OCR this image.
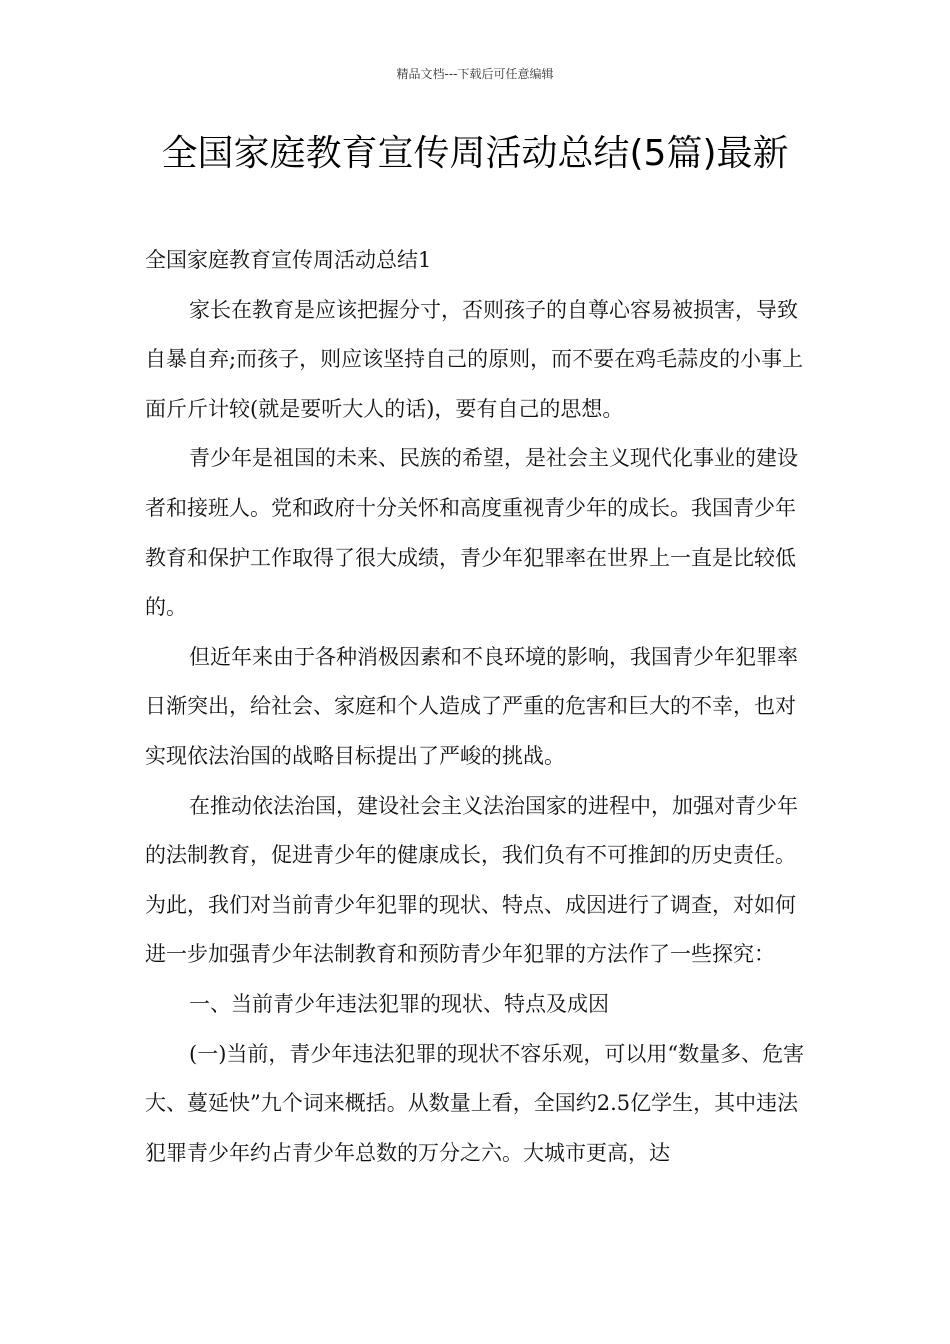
精品文档---下载后可任意编辑
全国家庭教育宣传周活动总结(5篇)最新

全国家庭教育宣传周活动总结1

家长在教育是应该把握分寸，否则孩子的自尊心容易被损害，导致自暴自弃;而孩子，则应该坚持自己的原则，而不要在鸡毛蒜皮的小事上面斤斤计较(就是要听大人的话)，要有自己的思想。

青少年是祖国的未来、民族的希望，是社会主义现代化事业的建设者和接班人。党和政府十分关怀和高度重视青少年的成长。我国青少年教育和保护工作取得了很大成绩，青少年犯罪率在世界上一直是比较低的。

但近年来由于各种消极因素和不良环境的影响，我国青少年犯罪率日渐突出，给社会、家庭和个人造成了严重的危害和巨大的不幸，也对实现依法治国的战略目标提出了严峻的挑战。

在推动依法治国，建设社会主义法治国家的进程中，加强对青少年的法制教育，促进青少年的健康成长，我们负有不可推卸的历史责任。为此，我们对当前青少年犯罪的现状、特点、成因进行了调查，对如何进一步加强青少年法制教育和预防青少年犯罪的方法作了一些探究：

一、当前青少年违法犯罪的现状、特点及成因

(一)当前，青少年违法犯罪的现状不容乐观，可以用“数量多、危害大、蔓延快”九个词来概括。从数量上看，全国约2.5亿学生，其中违法犯罪青少年约占青少年总数的万分之六。大城市更高，达
